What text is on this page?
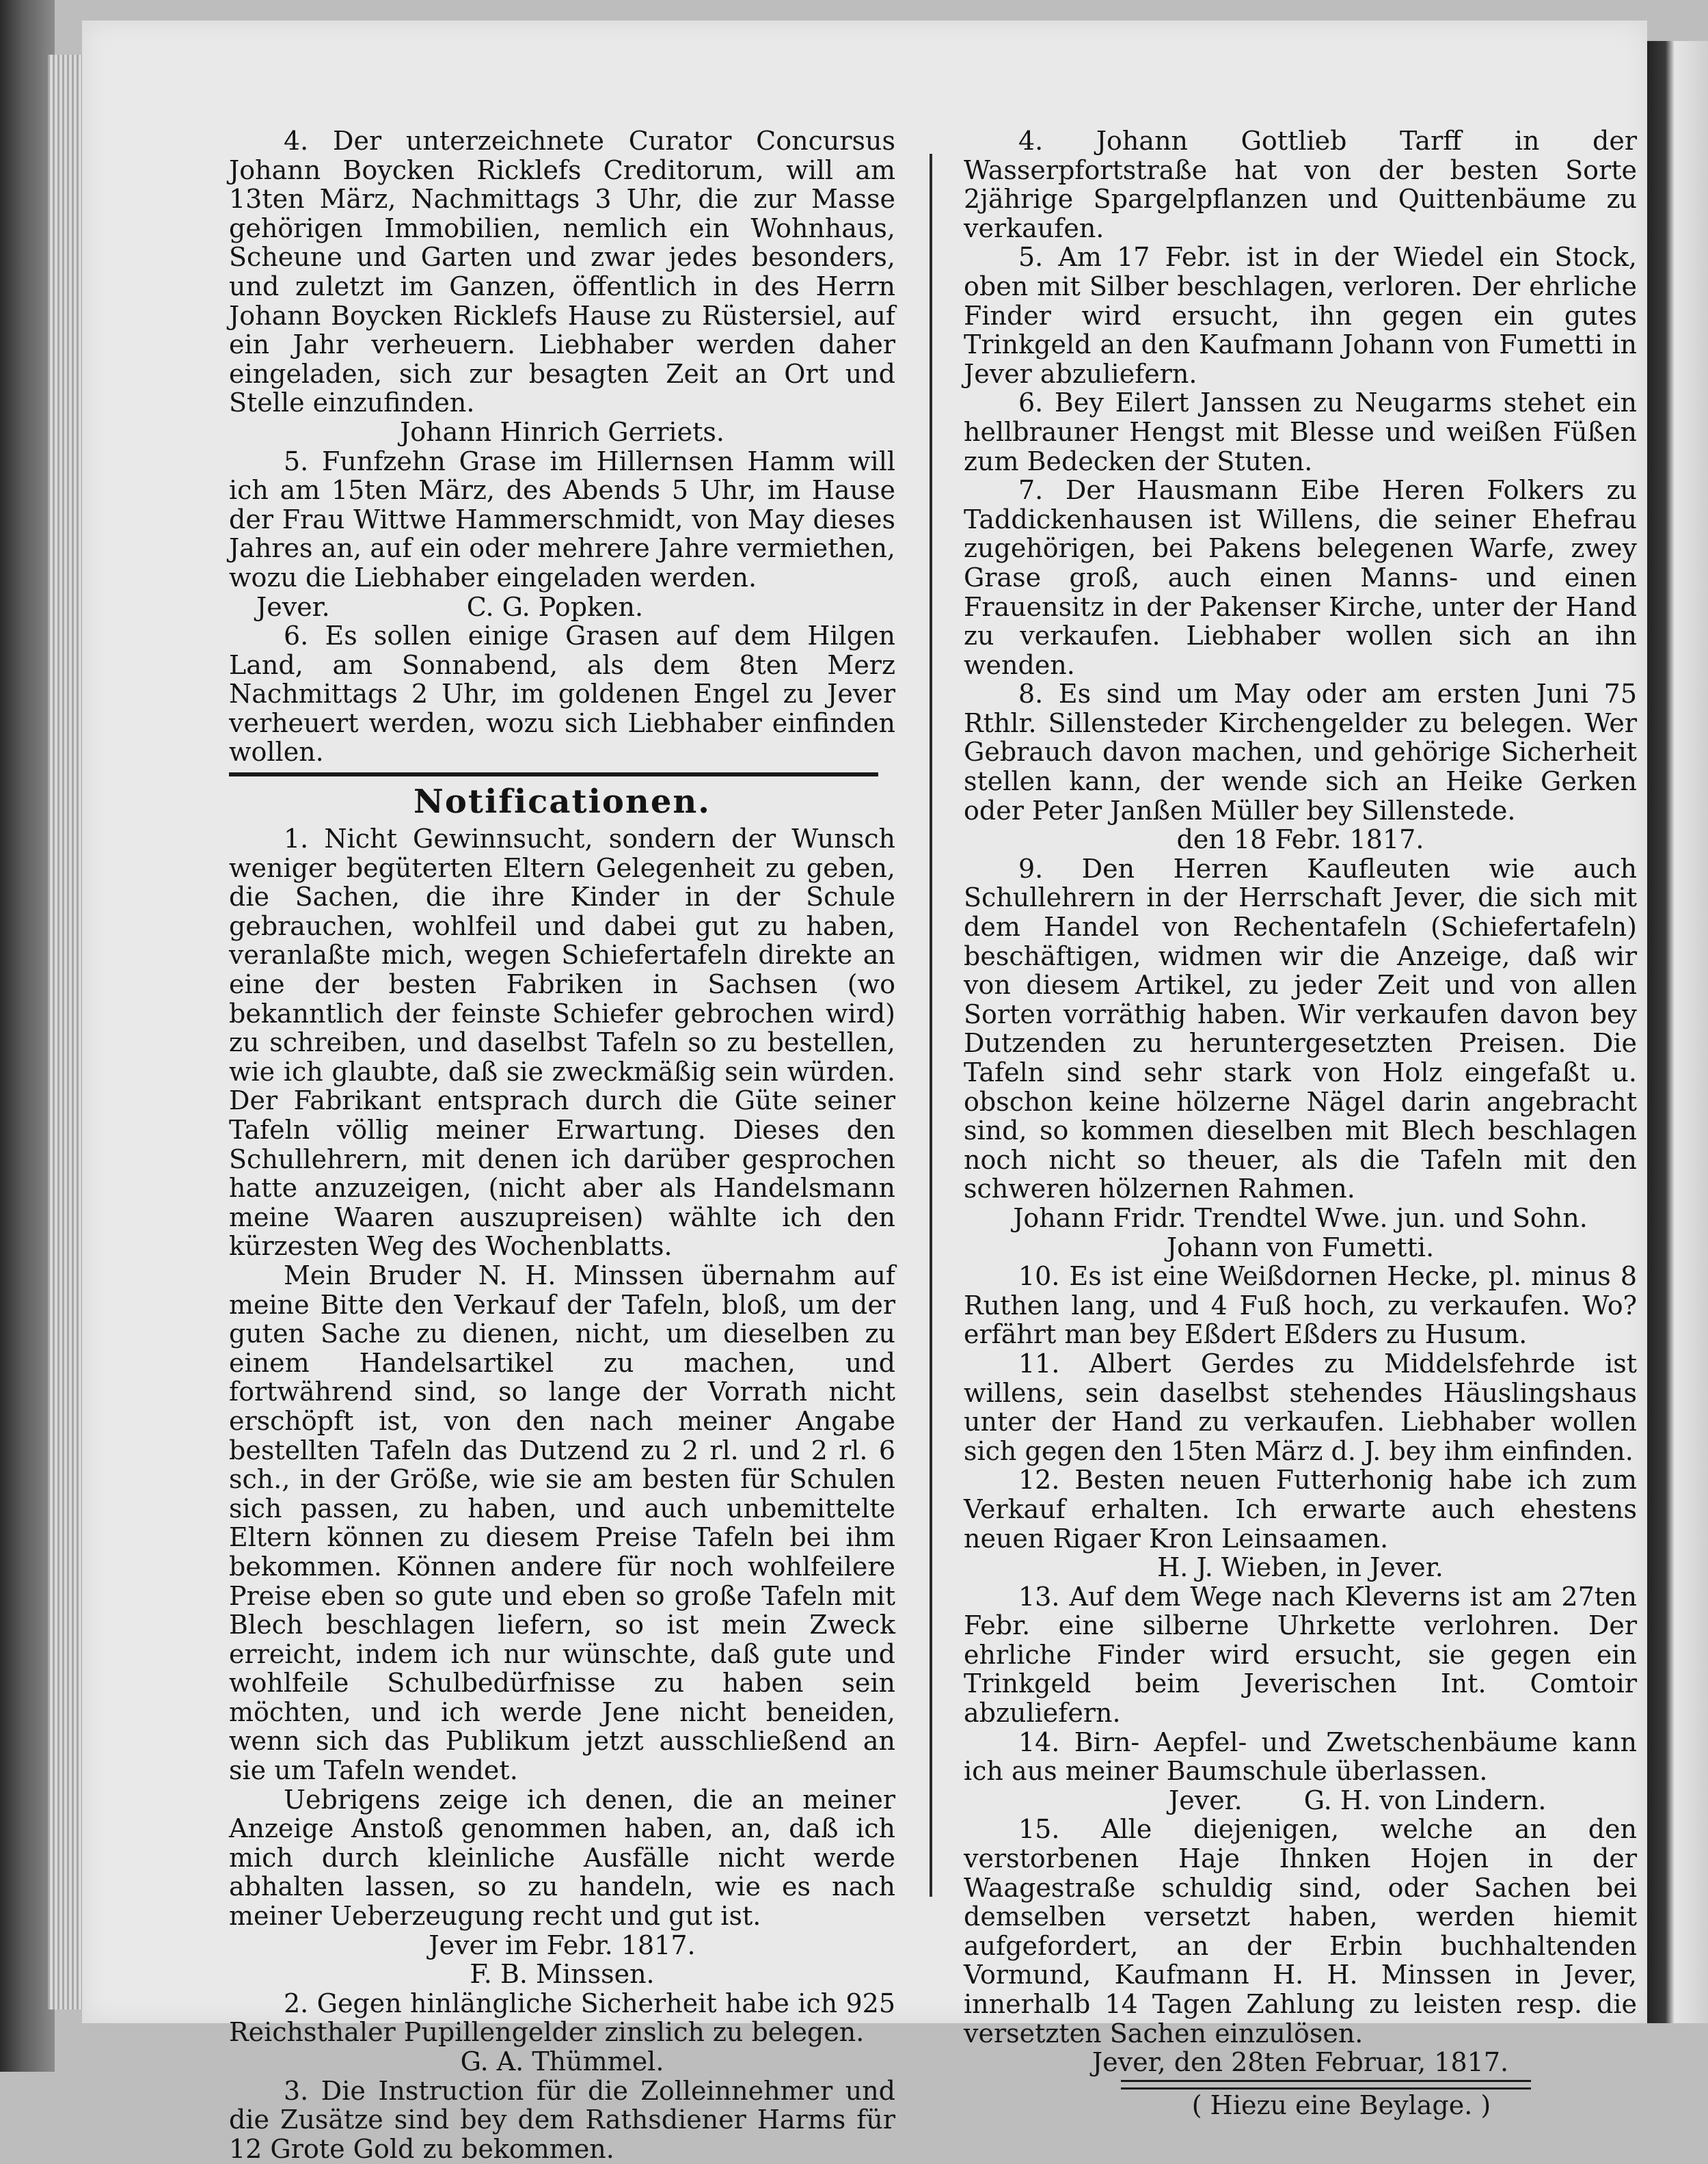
4. Der unterzeichnete Curator Concursus Johann Boycken Ricklefs Creditorum, will am 13ten März, Nachmittags 3 Uhr, die zur Masse gehörigen Immobilien, nemlich ein Wohnhaus, Scheune und Garten und zwar jedes besonders, und zuletzt im Ganzen, öffentlich in des Herrn Johann Boycken Ricklefs Hause zu Rüstersiel, auf ein Jahr verheuern. Liebhaber werden daher eingeladen, sich zur besagten Zeit an Ort und Stelle einzufinden.

Johann Hinrich Gerriets.

5. Funfzehn Grase im Hillernsen Hamm will ich am 15ten März, des Abends 5 Uhr, im Hause der Frau Wittwe Hammerschmidt, von May dieses Jahres an, auf ein oder mehrere Jahre vermiethen, wozu die Liebhaber eingeladen werden.

Jever.	C. G. Popken.

6. Es sollen einige Grasen auf dem Hilgen Land, am Sonnabend, als dem 8ten Merz Nachmittags 2 Uhr, im goldenen Engel zu Jever verheuert werden, wozu sich Liebhaber einfinden wollen.

Notificationen.

1. Nicht Gewinnsucht, sondern der Wunsch weniger begüterten Eltern Gelegenheit zu geben, die Sachen, die ihre Kinder in der Schule gebrauchen, wohlfeil und dabei gut zu haben, veranlaßte mich, wegen Schiefertafeln direkte an eine der besten Fabriken in Sachsen (wo bekanntlich der feinste Schiefer gebrochen wird) zu schreiben, und daselbst Tafeln so zu bestellen, wie ich glaubte, daß sie zweckmäßig sein würden. Der Fabrikant entsprach durch die Güte seiner Tafeln völlig meiner Erwartung. Dieses den Schullehrern, mit denen ich darüber gesprochen hatte anzuzeigen, (nicht aber als Handelsmann meine Waaren auszupreisen) wählte ich den kürzesten Weg des Wochenblatts.

Mein Bruder N. H. Minssen übernahm auf meine Bitte den Verkauf der Tafeln, bloß, um der guten Sache zu dienen, nicht, um dieselben zu einem Handelsartikel zu machen, und fortwährend sind, so lange der Vorrath nicht erschöpft ist, von den nach meiner Angabe bestellten Tafeln das Dutzend zu 2 rl. und 2 rl. 6 sch., in der Größe, wie sie am besten für Schulen sich passen, zu haben, und auch unbemittelte Eltern können zu diesem Preise Tafeln bei ihm bekommen. Können andere für noch wohlfeilere Preise eben so gute und eben so große Tafeln mit Blech beschlagen liefern, so ist mein Zweck erreicht, indem ich nur wünschte, daß gute und wohlfeile Schulbedürfnisse zu haben sein möchten, und ich werde Jene nicht beneiden, wenn sich das Publikum jetzt ausschließend an sie um Tafeln wendet.

Uebrigens zeige ich denen, die an meiner Anzeige Anstoß genommen haben, an, daß ich mich durch kleinliche Ausfälle nicht werde abhalten lassen, so zu handeln, wie es nach meiner Ueberzeugung recht und gut ist.

Jever im Febr. 1817.

F. B. Minssen.

2. Gegen hinlängliche Sicherheit habe ich 925 Reichsthaler Pupillengelder zinslich zu belegen.

G. A. Thümmel.

3. Die Instruction für die Zolleinnehmer und die Zusätze sind bey dem Rathsdiener Harms für 12 Grote Gold zu bekommen.

4. Johann Gottlieb Tarff in der Wasserpfortstraße hat von der besten Sorte 2jährige Spargelpflanzen und Quittenbäume zu verkaufen.

5. Am 17 Febr. ist in der Wiedel ein Stock, oben mit Silber beschlagen, verloren. Der ehrliche Finder wird ersucht, ihn gegen ein gutes Trinkgeld an den Kaufmann Johann von Fumetti in Jever abzuliefern.

6. Bey Eilert Janssen zu Neugarms stehet ein hellbrauner Hengst mit Blesse und weißen Füßen zum Bedecken der Stuten.

7. Der Hausmann Eibe Heren Folkers zu Taddickenhausen ist Willens, die seiner Ehefrau zugehörigen, bei Pakens belegenen Warfe, zwey Grase groß, auch einen Manns- und einen Frauensitz in der Pakenser Kirche, unter der Hand zu verkaufen. Liebhaber wollen sich an ihn wenden.

8. Es sind um May oder am ersten Juni 75 Rthlr. Sillensteder Kirchengelder zu belegen. Wer Gebrauch davon machen, und gehörige Sicherheit stellen kann, der wende sich an Heike Gerken oder Peter Janßen Müller bey Sillenstede.

den 18 Febr. 1817.

9. Den Herren Kaufleuten wie auch Schullehrern in der Herrschaft Jever, die sich mit dem Handel von Rechentafeln (Schiefertafeln) beschäftigen, widmen wir die Anzeige, daß wir von diesem Artikel, zu jeder Zeit und von allen Sorten vorräthig haben. Wir verkaufen davon bey Dutzenden zu heruntergesetzten Preisen. Die Tafeln sind sehr stark von Holz eingefaßt u. obschon keine hölzerne Nägel darin angebracht sind, so kommen dieselben mit Blech beschlagen noch nicht so theuer, als die Tafeln mit den schweren hölzernen Rahmen.

Johann Fridr. Trendtel Wwe. jun. und Sohn.

Johann von Fumetti.

10. Es ist eine Weißdornen Hecke, pl. minus 8 Ruthen lang, und 4 Fuß hoch, zu verkaufen. Wo? erfährt man bey Eßdert Eßders zu Husum.

11. Albert Gerdes zu Middelsfehrde ist willens, sein daselbst stehendes Häuslingshaus unter der Hand zu verkaufen. Liebhaber wollen sich gegen den 15ten März d. J. bey ihm einfinden.

12. Besten neuen Futterhonig habe ich zum Verkauf erhalten. Ich erwarte auch ehestens neuen Rigaer Kron Leinsaamen.

H. J. Wieben, in Jever.

13. Auf dem Wege nach Kleverns ist am 27ten Febr. eine silberne Uhrkette verlohren. Der ehrliche Finder wird ersucht, sie gegen ein Trinkgeld beim Jeverischen Int. Comtoir abzuliefern.

14. Birn- Aepfel- und Zwetschenbäume kann ich aus meiner Baumschule überlassen.

Jever. G. H. von Lindern.

15. Alle diejenigen, welche an den verstorbenen Haje Ihnken Hojen in der Waagestraße schuldig sind, oder Sachen bei demselben versetzt haben, werden hiemit aufgefordert, an der Erbin buchhaltenden Vormund, Kaufmann H. H. Minssen in Jever, innerhalb 14 Tagen Zahlung zu leisten resp. die versetzten Sachen einzulösen.

Jever, den 28ten Februar, 1817.

( Hiezu eine Beylage. )
